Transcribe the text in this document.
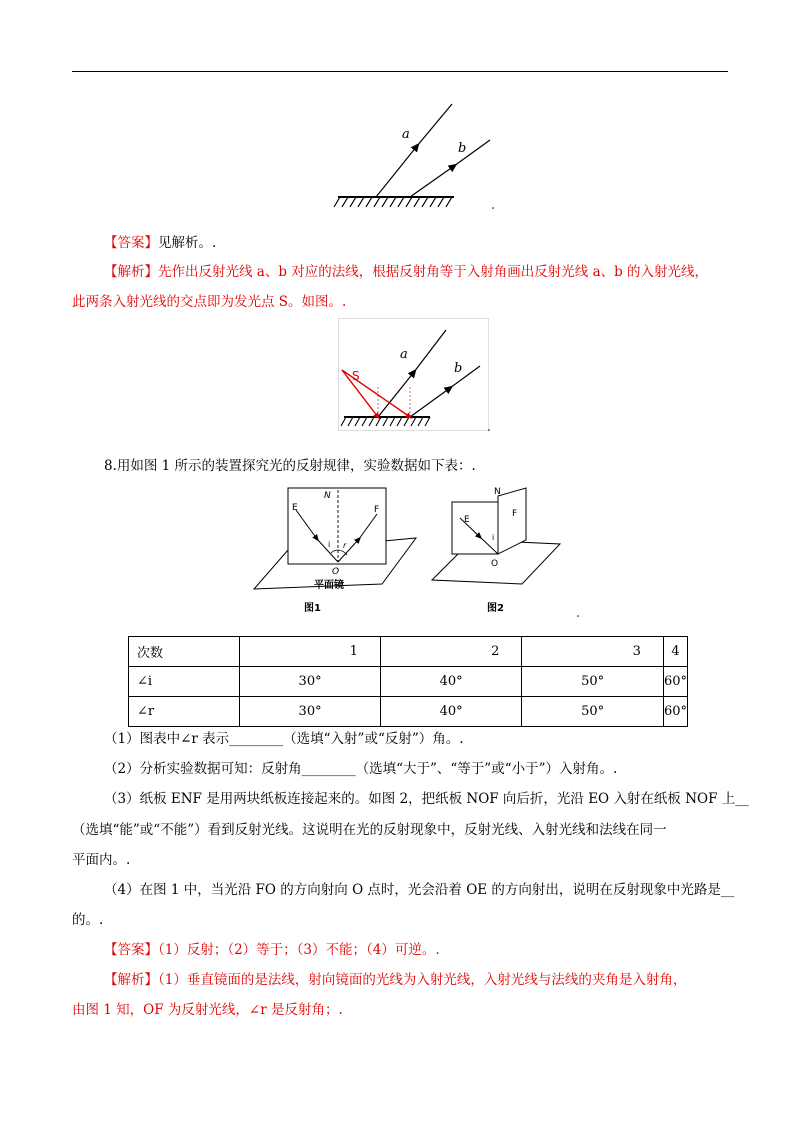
a
b
【答案】见解析。.
【解析】先作出反射光线 a、b 对应的法线，根据反射角等于入射角画出反射光线 a、b 的入射光线，
此两条入射光线的交点即为发光点 S。如图。.
S
a
b
8.用如图 1 所示的装置探究光的反射规律，实验数据如下表：.
N
E	F
i r
O
平面镜
图1
N
E
F
i
O
图2
次数	1	2	3	4
∠i	30°	40°	50°	60°
∠r	30°	40°	50°	60°
（1）图表中∠r 表示________（选填“入射”或“反射”）角。.
（2）分析实验数据可知：反射角________（选填“大于”、“等于”或“小于”）入射角。.
（3）纸板 ENF 是用两块纸板连接起来的。如图 2，把纸板 NOF 向后折，光沿 EO 入射在纸板 NOF 上__
（选填“能”或“不能”）看到反射光线。这说明在光的反射现象中，反射光线、入射光线和法线在同一
平面内。.
（4）在图 1 中，当光沿 FO 的方向射向 O 点时，光会沿着 OE 的方向射出，说明在反射现象中光路是__
的。.
【答案】（1）反射；（2）等于；（3）不能；（4）可逆。.
【解析】（1）垂直镜面的是法线，射向镜面的光线为入射光线，入射光线与法线的夹角是入射角，
由图 1 知，OF 为反射光线，∠r 是反射角；.
